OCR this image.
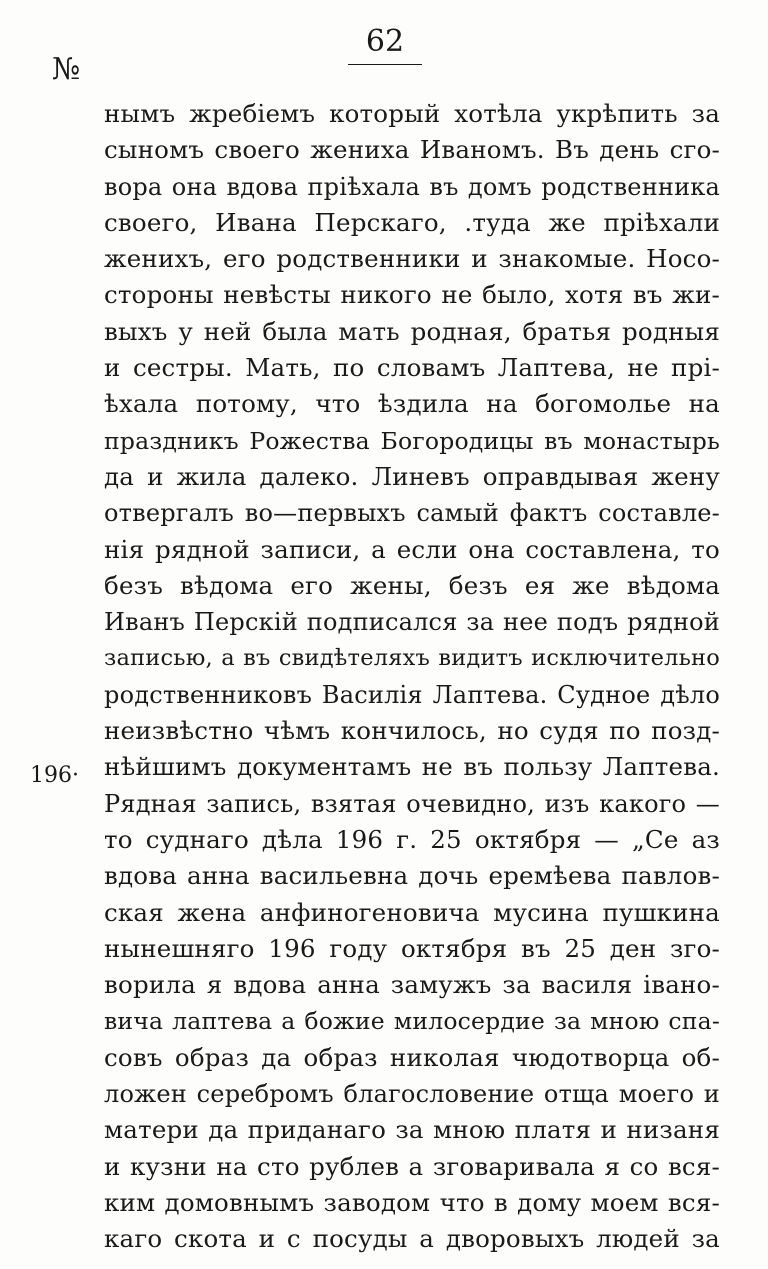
62
№
196·
нымъ жребіемъ который хотѣла укрѣпить за
сыномъ своего жениха Иваномъ. Въ день сго-
вора она вдова пріѣхала въ домъ родственника
своего, Ивана Перскаго, .туда же пріѣхали
женихъ, его родственники и знакомые. Носо-
стороны невѣсты никого не было, хотя въ жи-
выхъ у ней была мать родная, братья родныя
и сестры. Мать, по словамъ Лаптева, не прі-
ѣхала потому, что ѣздила на богомолье на
праздникъ Рожества Богородицы въ монастырь
да и жила далеко. Линевъ оправдывая жену
отвергалъ во—первыхъ самый фактъ составле-
нія рядной записи, а если она составлена, то
безъ вѣдома его жены, безъ ея же вѣдома
Иванъ Перскій подписался за нее подъ рядной
записью, а въ свидѣтеляхъ видитъ исключительно
родственниковъ Василія Лаптева. Судное дѣло
неизвѣстно чѣмъ кончилось, но судя по позд-
нѣйшимъ документамъ не въ пользу Лаптева.
Рядная запись, взятая очевидно, изъ какого —
то суднаго дѣла 196 г. 25 октября — „Се аз
вдова анна васильевна дочь еремѣева павлов-
ская жена анфиногеновича мусина пушкина
нынешняго 196 году октября въ 25 ден зго-
ворила я вдова анна замужъ за василя івано-
вича лаптева а божие милосердие за мною спа-
совъ образ да образ николая чюдотворца об-
ложен серебромъ благословение отща моего и
матери да приданаго за мною платя и низаня
и кузни на сто рублев а зговаривала я со вся-
ким домовнымъ заводом что в дому моем вся-
каго скота и с посуды а дворовыхъ людей за
